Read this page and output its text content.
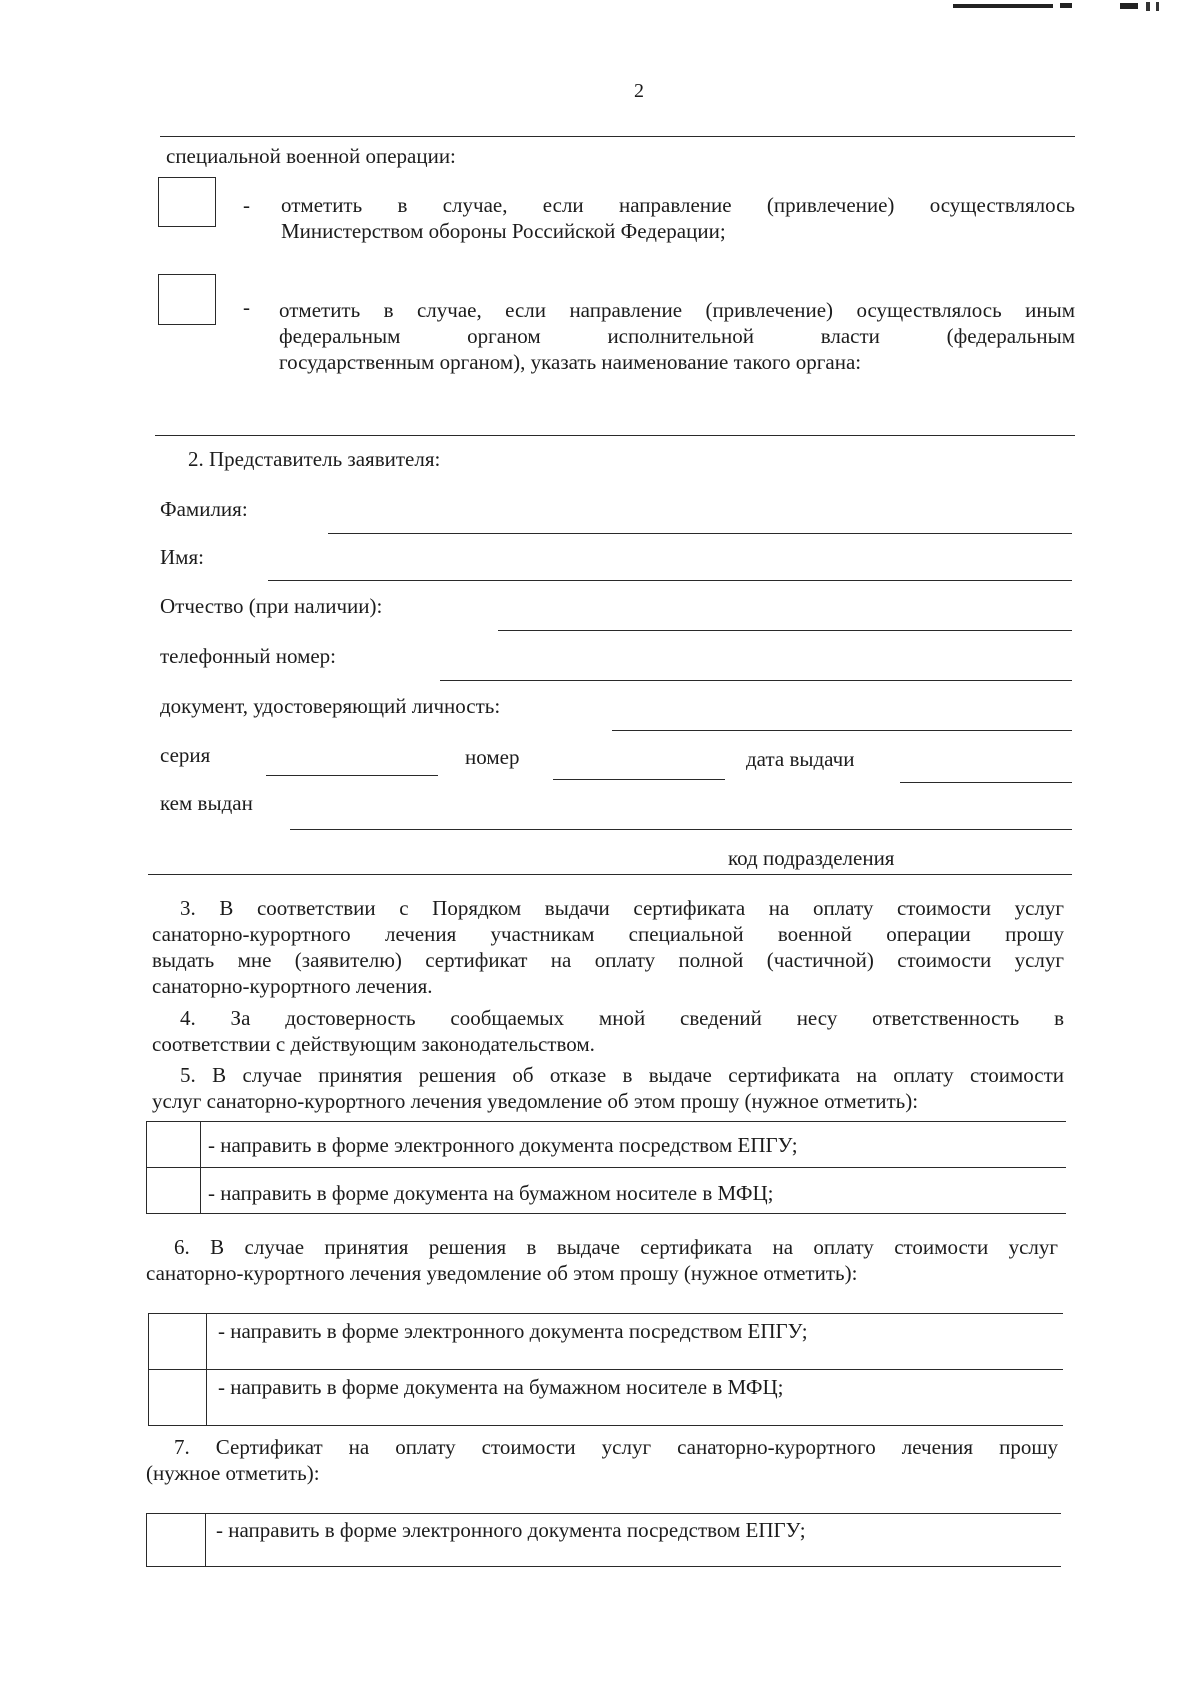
2
специальной военной операции:
- отметить в случае, если направление (привлечение) осуществлялось
Министерством обороны Российской Федерации;
- отметить в случае, если направление (привлечение) осуществлялось иным
федеральным органом исполнительной власти (федеральным
государственным органом), указать наименование такого органа:
2. Представитель заявителя:
Фамилия:
Имя:
Отчество (при наличии):
телефонный номер:
документ, удостоверяющий личность:
серия	номер	дата выдачи
кем выдан
код подразделения
3. В соответствии с Порядком выдачи сертификата на оплату стоимости услуг
санаторно-курортного лечения участникам специальной военной операции прошу
выдать мне (заявителю) сертификат на оплату полной (частичной) стоимости услуг
санаторно-курортного лечения.
4. За достоверность сообщаемых мной сведений несу ответственность в
соответствии с действующим законодательством.
5. В случае принятия решения об отказе в выдаче сертификата на оплату стоимости
услуг санаторно-курортного лечения уведомление об этом прошу (нужное отметить):
- направить в форме электронного документа посредством ЕПГУ;
- направить в форме документа на бумажном носителе в МФЦ;
6. В случае принятия решения в выдаче сертификата на оплату стоимости услуг
санаторно-курортного лечения уведомление об этом прошу (нужное отметить):
- направить в форме электронного документа посредством ЕПГУ;
- направить в форме документа на бумажном носителе в МФЦ;
7. Сертификат на оплату стоимости услуг санаторно-курортного лечения прошу
(нужное отметить):
- направить в форме электронного документа посредством ЕПГУ;
